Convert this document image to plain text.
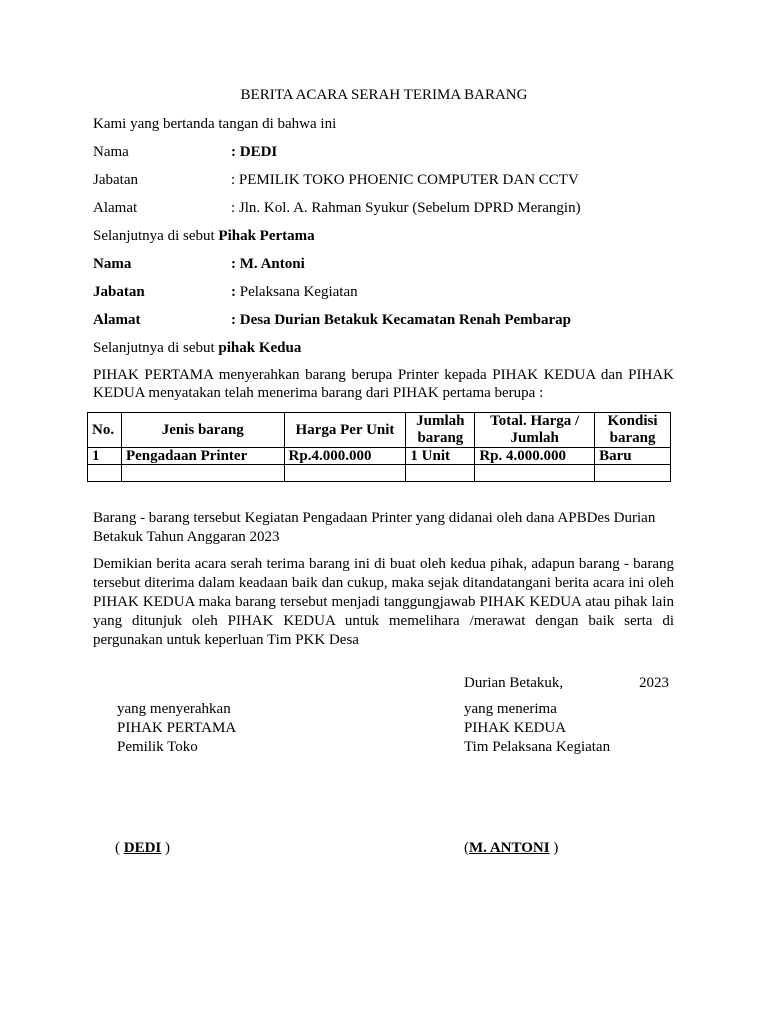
BERITA ACARA SERAH TERIMA BARANG
Kami yang bertanda tangan di bahwa ini
Nama	: DEDI
Jabatan	: PEMILIK TOKO PHOENIC COMPUTER DAN CCTV
Alamat	: Jln. Kol. A. Rahman Syukur (Sebelum DPRD Merangin)
Selanjutnya di sebut Pihak Pertama
Nama	: M. Antoni
Jabatan	: Pelaksana Kegiatan
Alamat	: Desa Durian Betakuk Kecamatan Renah Pembarap
Selanjutnya di sebut pihak Kedua
PIHAK PERTAMA menyerahkan barang berupa Printer kepada PIHAK KEDUA dan PIHAK KEDUA menyatakan telah menerima barang dari PIHAK pertama berupa :
No.	Jenis barang	Harga Per Unit	Jumlah barang	Total. Harga / Jumlah	Kondisi barang
1	Pengadaan Printer	Rp.4.000.000	1 Unit	Rp. 4.000.000	Baru

Barang - barang tersebut Kegiatan Pengadaan Printer yang didanai oleh dana APBDes Durian Betakuk Tahun Anggaran 2023
Demikian berita acara serah terima barang ini di buat oleh kedua pihak, adapun barang - barang tersebut diterima dalam keadaan baik dan cukup, maka sejak ditandatangani berita acara ini oleh PIHAK KEDUA maka barang tersebut menjadi tanggungjawab PIHAK KEDUA atau pihak lain yang ditunjuk oleh PIHAK KEDUA untuk memelihara /merawat dengan baik serta di pergunakan untuk keperluan Tim PKK Desa
Durian Betakuk,	2023
yang menyerahkan
PIHAK PERTAMA
Pemilik Toko
yang menerima
PIHAK KEDUA
Tim Pelaksana Kegiatan
( DEDI )	(M. ANTONI )
